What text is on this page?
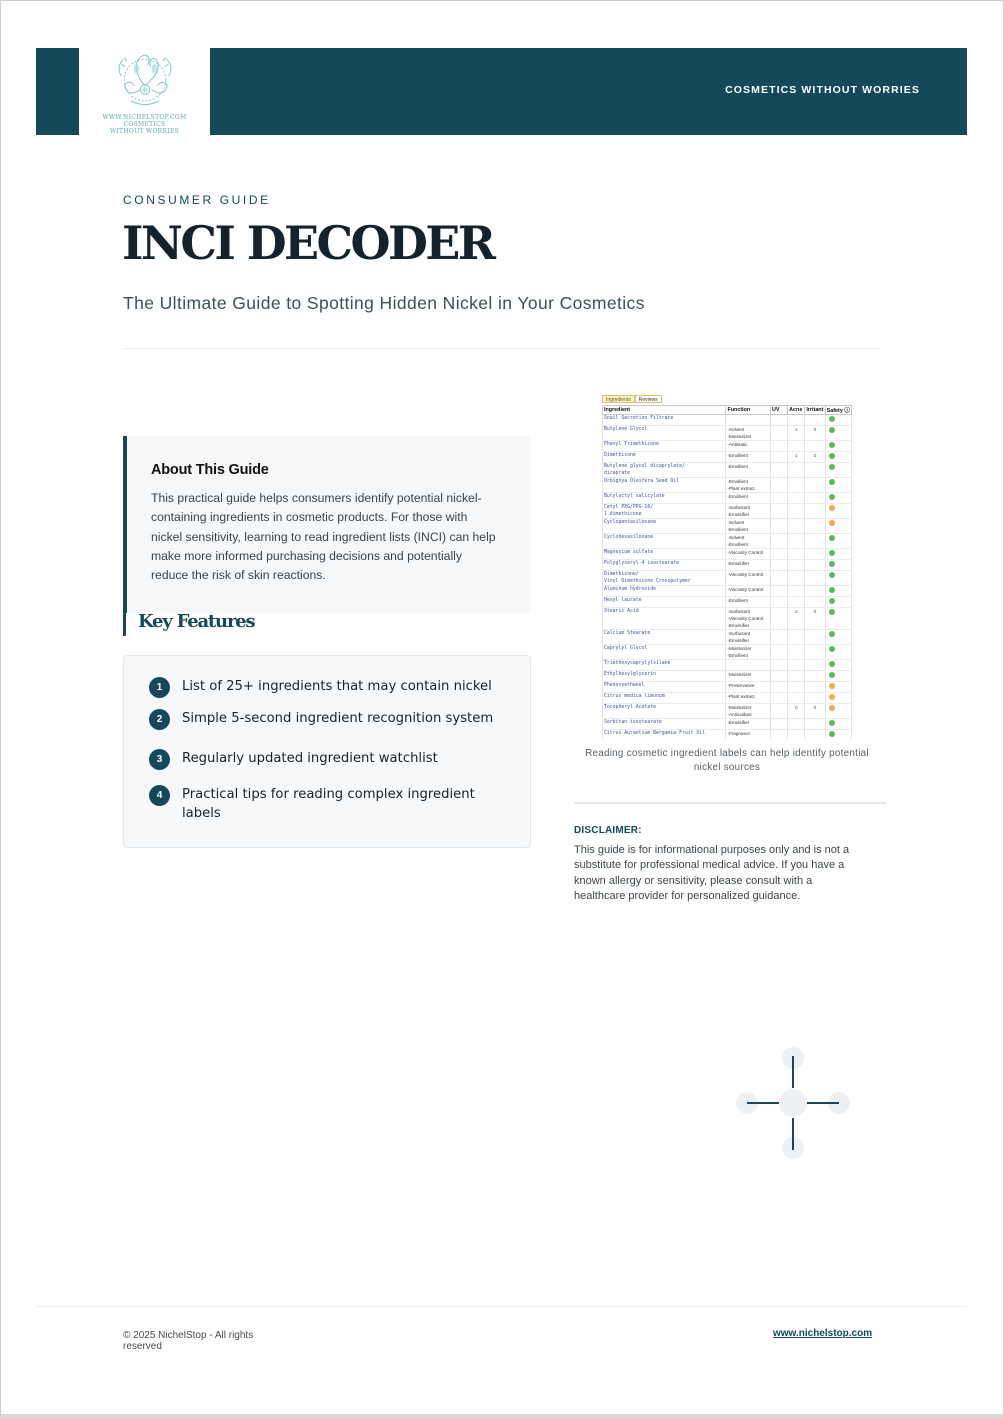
WWW.NICHELSTOP.COM
COSMETICS
WITHOUT WORRIES
COSMETICS WITHOUT WORRIES
CONSUMER GUIDE
INCI DECODER
The Ultimate Guide to Spotting Hidden Nickel in Your Cosmetics
About This Guide

This practical guide helps consumers identify potential nickel-containing ingredients in cosmetic products. For those with nickel sensitivity, learning to read ingredient lists (INCI) can help make more informed purchasing decisions and potentially reduce the risk of skin reactions.

Key Features
1	List of 25+ ingredients that may contain nickel
2	Simple 5-second ingredient recognition system
3	Regularly updated ingredient watchlist
4	Practical tips for reading complex ingredient labels
Ingredients	Reviews
Ingredient	Function	UV	Acne	Irritant	Safety ⓘ
Snail Secretion Filtrate					
Butylene Glycol	-Solvent
-Moisturizer		1	0	
Phenyl Trimethicone	-Antistatic				
Dimethicone	-Emollient		1	0	
Butylene glycol dicaprylate/
dicaprate	-Emollient				
Orbignya Oleifera Seed Oil	-Emollient
-Plant extract				
Butyloctyl salicylate	-Emollient				
Cetyl PEG/PPG-10/
1 dimethicone	-Surfactant
-Emulsifier				
Cyclopentasiloxane	-Solvent
-Emollient				
Cyclohexasiloxane	-Solvent
-Emollient				
Magnesium sulfate	-Viscosity Control				
Polyglyceryl-4 isostearate	-Emulsifier				
Dimethicone/
Vinyl Dimethicone Crosspolymer	-Viscosity Control				
Aluminum hydroxide	-Viscosity Control				
Hexyl laurate	-Emollient				
Stearic Acid	-Surfactant
-Viscosity Control
-Emulsifier		2	0	
Calcium Stearate	-Surfactant
-Emulsifier				
Caprylyl Glycol	-Moisturizer
-Emollient				
Triethoxycaprylylsilane					
Ethylhexylglycerin	-Moisturizer				
Phenoxyethanol	-Preservative				
Citrus medica limonum	-Plant extract				
Tocopheryl Acetate	-Moisturizer
-Antioxidant		0	0	
Sorbitan isostearate	-Emulsifier				
Citrus Aurantium Bergamia Fruit Oil	-Fragrance				

Reading cosmetic ingredient labels can help identify potential nickel sources
DISCLAIMER:
This guide is for informational purposes only and is not a substitute for professional medical advice. If you have a known allergy or sensitivity, please consult with a healthcare provider for personalized guidance.
© 2025 NichelStop - All rights reserved
www.nichelstop.com
